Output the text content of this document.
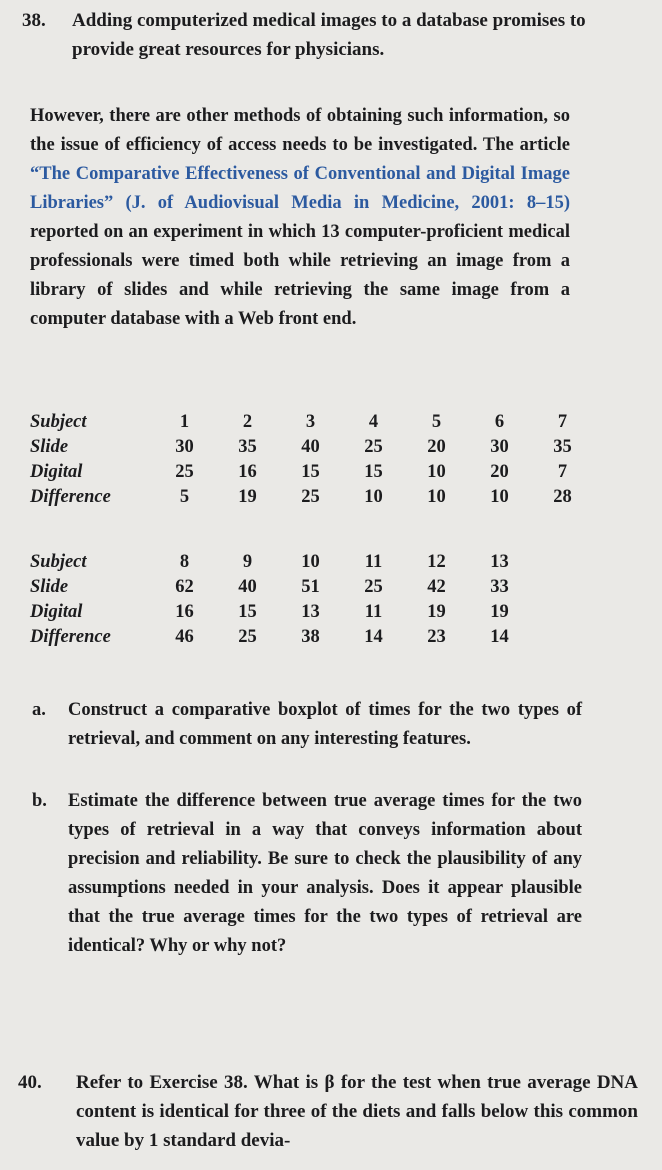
38. Adding computerized medical images to a database promises to provide great resources for physicians.
However, there are other methods of obtaining such information, so the issue of efficiency of access needs to be investigated. The article “The Comparative Effectiveness of Conventional and Digital Image Libraries” (J. of Audiovisual Media in Medicine, 2001: 8–15) reported on an experiment in which 13 computer-proficient medical professionals were timed both while retrieving an image from a library of slides and while retrieving the same image from a computer database with a Web front end.
Subject	1	2	3	4	5	6	7
Slide	30	35	40	25	20	30	35
Digital	25	16	15	15	10	20	7
Difference	5	19	25	10	10	10	28
Subject	8	9	10	11	12	13
Slide	62	40	51	25	42	33
Digital	16	15	13	11	19	19
Difference	46	25	38	14	23	14
a. Construct a comparative boxplot of times for the two types of retrieval, and comment on any interesting features.
b. Estimate the difference between true average times for the two types of retrieval in a way that conveys information about precision and reliability. Be sure to check the plausibility of any assumptions needed in your analysis. Does it appear plausible that the true average times for the two types of retrieval are identical? Why or why not?
40. Refer to Exercise 38. What is β for the test when true average DNA content is identical for three of the diets and falls below this common value by 1 standard devia-
